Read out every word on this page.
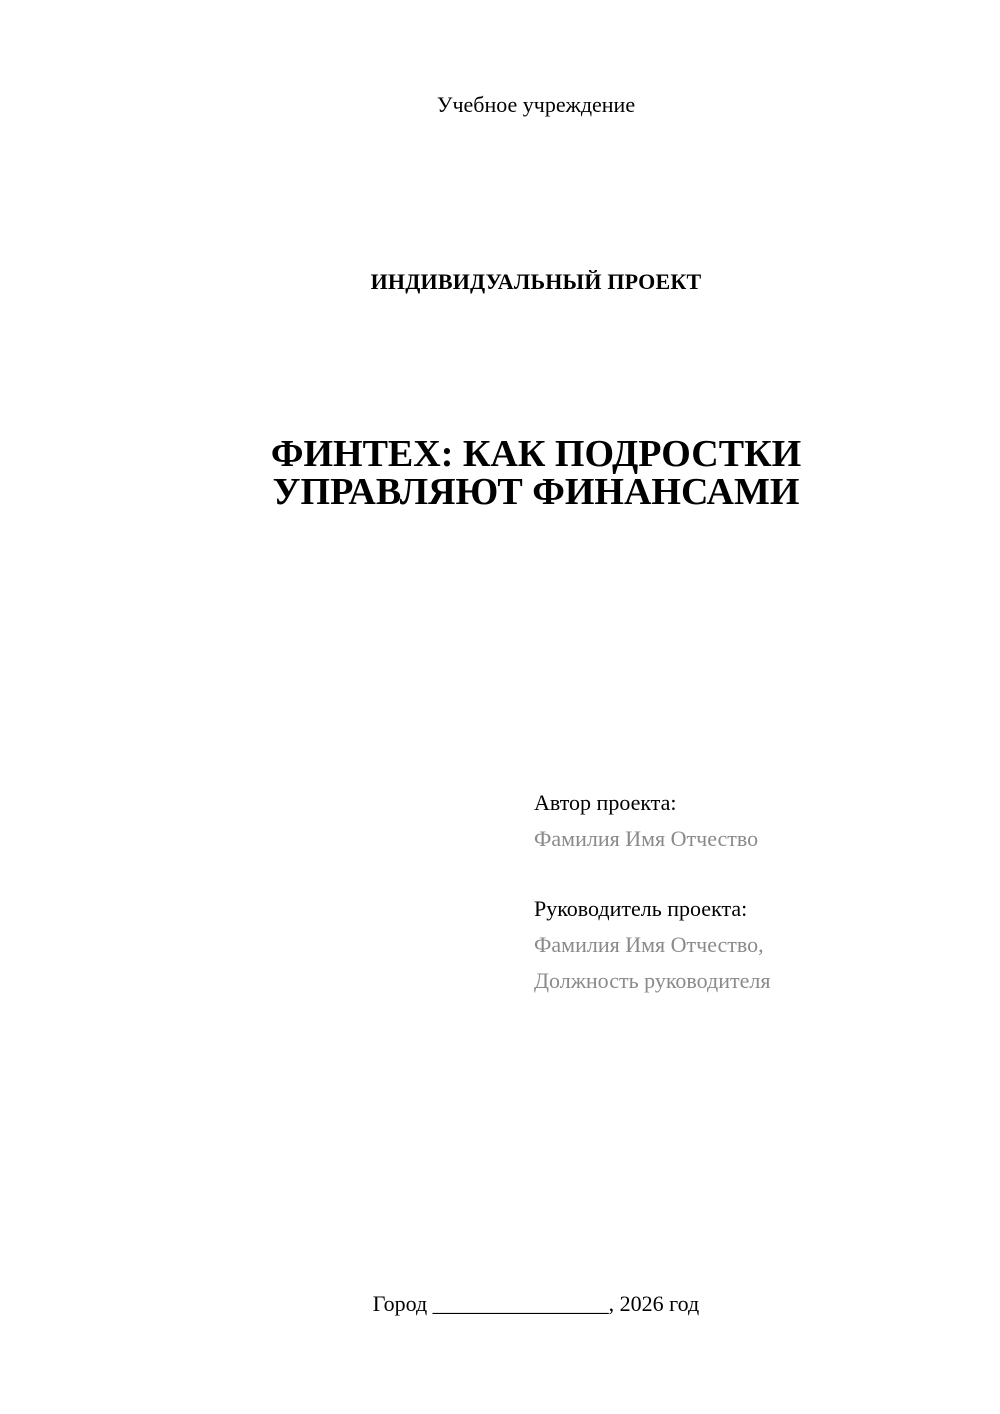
Учебное учреждение
ИНДИВИДУАЛЬНЫЙ ПРОЕКТ
ФИНТЕХ: КАК ПОДРОСТКИ
УПРАВЛЯЮТ ФИНАНСАМИ
Автор проекта:
Фамилия Имя Отчество
Руководитель проекта:
Фамилия Имя Отчество,
Должность руководителя
Город ________________, 2026 год
